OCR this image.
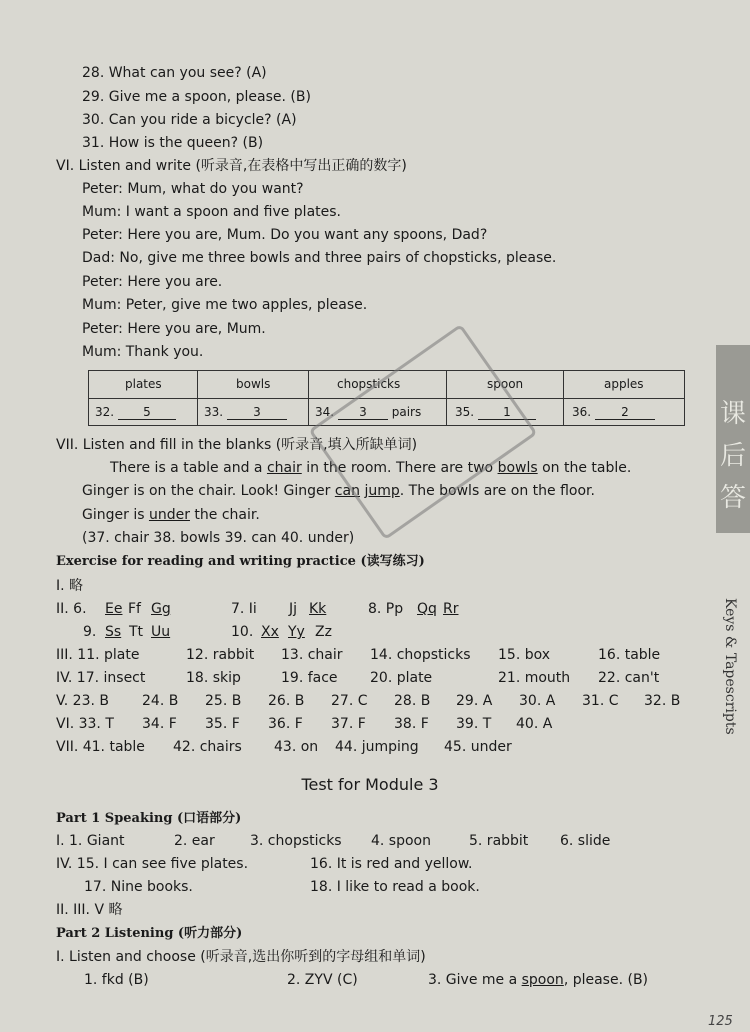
28. What can you see? (A)
29. Give me a spoon, please. (B)
30. Can you ride a bicycle? (A)
31. How is the queen? (B)
VI. Listen and write (听录音,在表格中写出正确的数字)
Peter: Mum, what do you want?
Mum: I want a spoon and five plates.
Peter: Here you are, Mum. Do you want any spoons, Dad?
Dad: No, give me three bowls and three pairs of chopsticks, please.
Peter: Here you are.
Mum: Peter, give me two apples, please.
Peter: Here you are, Mum.
Mum: Thank you.
plates	bowls	chopsticks	spoon	apples

32. 5	33. 3	34. 3 pairs	35. 1	36. 2
VII. Listen and fill in the blanks (听录音,填入所缺单词)
There is a table and a chair in the room. There are two bowls on the table.
Ginger is on the chair. Look! Ginger can jump. The bowls are on the floor.
Ginger is under the chair.
(37. chair 38. bowls 39. can 40. under)
Exercise for reading and writing practice (读写练习)
I. 略
II. 6. Ee Ff Gg	7. Ii Jj Kk	8. Pp Qq Rr
9. Ss Tt Uu	10. Xx Yy Zz
III. 11. plate	12. rabbit 13. chair 14. chopsticks 15. box	16. table
IV. 17. insect	18. skip	19. face 20. plate	21. mouth 22. can't
V. 23. B 24. B 25. B 26. B 27. C 28. B 29. A 30. A 31. C 32. B
VI. 33. T 34. F 35. F 36. F 37. F 38. F 39. T 40. A
VII. 41. table 42. chairs 43. on 44. jumping 45. under
Test for Module 3
Part 1 Speaking (口语部分)
I. 1. Giant	2. ear	3. chopsticks 4. spoon	5. rabbit 6. slide
IV. 15. I can see five plates.	16. It is red and yellow.
17. Nine books.	18. I like to read a book.
II. III. V 略
Part 2 Listening (听力部分)
I. Listen and choose (听录音,选出你听到的字母组和单词)
1. fkd (B)	2. ZYV (C)	3. Give me a spoon, please. (B)
课
后
答
Keys & Tapescripts
125
